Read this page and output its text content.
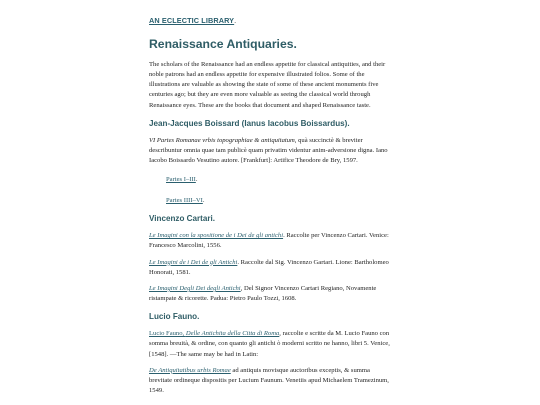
AN ECLECTIC LIBRARY.
Renaissance Antiquaries.

The scholars of the Renaissance had an endless appetite for classical antiquities, and their noble patrons had an endless appetite for expensive illustrated folios. Some of the illustrations are valuable as showing the state of some of these ancient monuments five centuries ago; but they are even more valuable as seeing the classical world through Renaissance eyes. These are the books that document and shaped Renaissance taste.

Jean-Jacques Boissard (Ianus Iacobus Boissardus).

VI Partes Romanae vrbis topographiae & antiquitatum, quà succinctè & breviter describuntur omnia quae tam publicè quam privatim videntur anim-adversione digna. Iano Iacobo Boissardo Vesutino autore. [Frankfurt]: Artifice Theodore de Bry, 1597.

Partes I–III.
Partes IIII–VI.
Vincenzo Cartari.

Le Imagini con la spositione de i Dei de gli antichi. Raccolte per Vincenzo Cartari. Venice: Francesco Marcolini, 1556.

Le Imagini de i Dei de gli Antichi. Raccolte dal Sig. Vincenzo Gartari. Lione: Bartholomeo Honorati, 1581.

Le Imagini Degli Dei degli Antichi, Del Signor Vincenzo Cartari Regiano, Novamente ristampate & ricorette. Padua: Pietro Paulo Tozzi, 1608.

Lucio Fauno.

Lucio Fauno, Delle Antichita della Citta di Roma, raccolte e scritte da M. Lucio Fauno con somma breuità, & ordine, con quanto gli antichi ò moderni scritto ne hanno, libri 5. Venice, [1548]. —The same may be had in Latin:

De Antiquitatibus urbis Romae ad antiquis movisque auctoribus exceptis, & summa brevitate ordineque dispositis per Lucium Faunum. Venetiis apud Michaelem Tramezinum, 1549.
